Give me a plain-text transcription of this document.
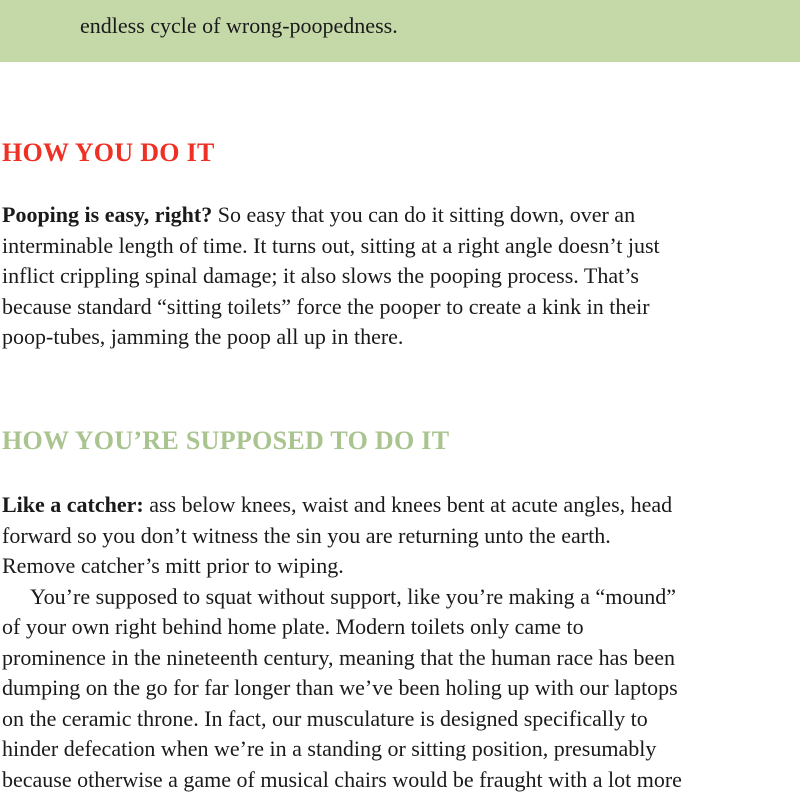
endless cycle of wrong-poopedness.

HOW YOU DO IT

Pooping is easy, right? So easy that you can do it sitting down, over an
interminable length of time. It turns out, sitting at a right angle doesn’t just
inflict crippling spinal damage; it also slows the pooping process. That’s
because standard “sitting toilets” force the pooper to create a kink in their
poop-tubes, jamming the poop all up in there.

HOW YOU’RE SUPPOSED TO DO IT

Like a catcher: ass below knees, waist and knees bent at acute angles, head
forward so you don’t witness the sin you are returning unto the earth.
Remove catcher’s mitt prior to wiping.
You’re supposed to squat without support, like you’re making a “mound”
of your own right behind home plate. Modern toilets only came to
prominence in the nineteenth century, meaning that the human race has been
dumping on the go for far longer than we’ve been holing up with our laptops
on the ceramic throne. In fact, our musculature is designed specifically to
hinder defecation when we’re in a standing or sitting position, presumably
because otherwise a game of musical chairs would be fraught with a lot more
